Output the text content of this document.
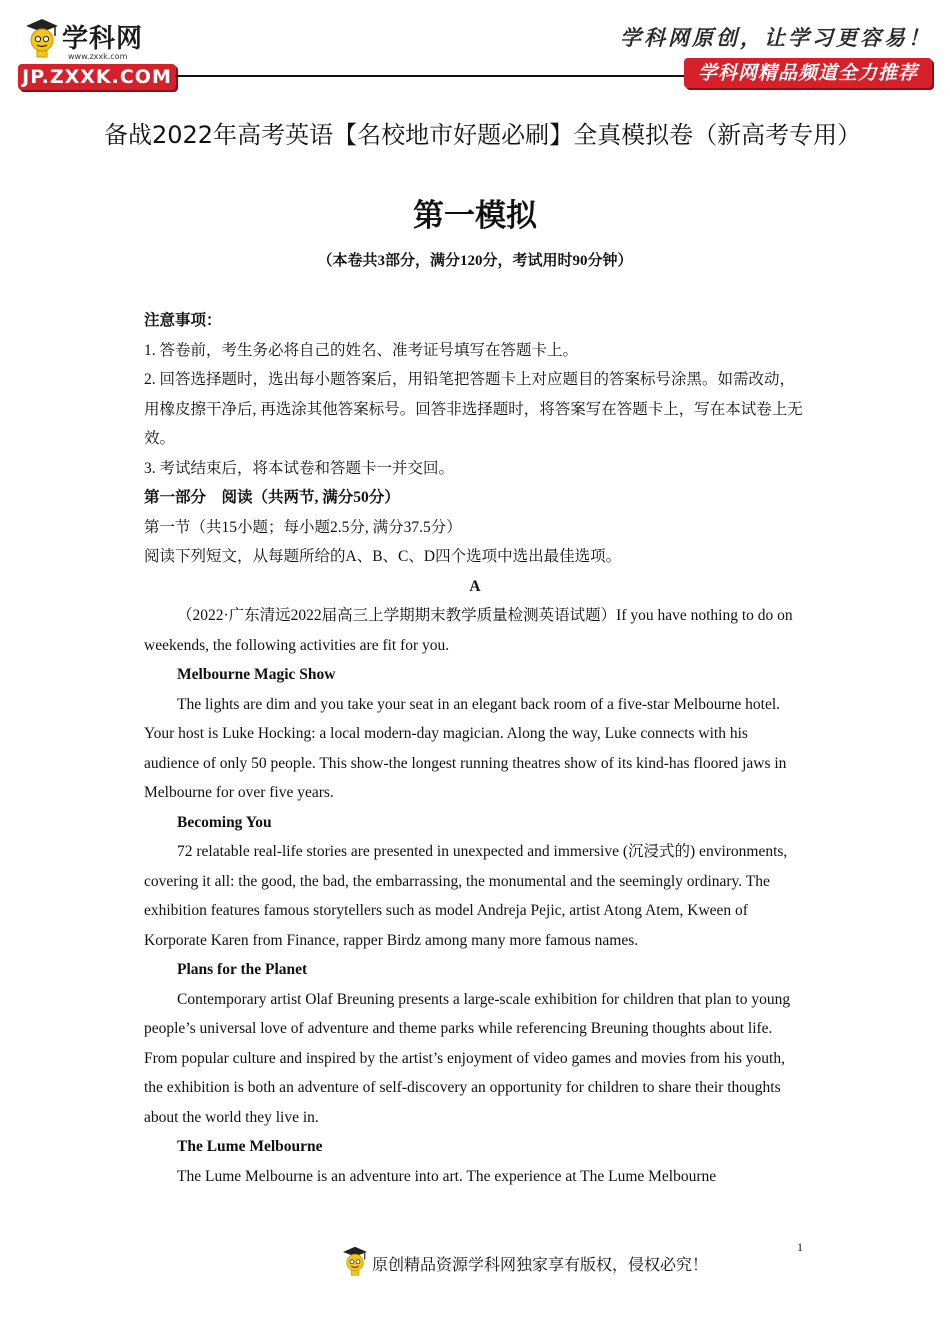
学科网
www.zxxk.com
JP.ZXXK.COM
学科网原创，让学习更容易！
学科网精品频道全力推荐
备战2022年高考英语【名校地市好题必刷】全真模拟卷（新高考专用）
第一模拟
（本卷共3部分，满分120分，考试用时90分钟）

注意事项：

1. 答卷前，考生务必将自己的姓名、准考证号填写在答题卡上。

2. 回答选择题时，选出每小题答案后，用铅笔把答题卡上对应题目的答案标号涂黑。如需改动，用橡皮擦干净后, 再选涂其他答案标号。回答非选择题时，将答案写在答题卡上，写在本试卷上无效。

3. 考试结束后，将本试卷和答题卡一并交回。

第一部分　阅读（共两节, 满分50分）

第一节（共15小题；每小题2.5分, 满分37.5分）

阅读下列短文，从每题所给的A、B、C、D四个选项中选出最佳选项。

A

（2022·广东清远2022届高三上学期期末教学质量检测英语试题）If you have nothing to do on weekends, the following activities are fit for you.

Melbourne Magic Show

The lights are dim and you take your seat in an elegant back room of a five-star Melbourne hotel. Your host is Luke Hocking: a local modern-day magician. Along the way, Luke connects with his audience of only 50 people. This show-the longest running theatres show of its kind-has floored jaws in Melbourne for over five years.

Becoming You

72 relatable real-life stories are presented in unexpected and immersive (沉浸式的) environments, covering it all: the good, the bad, the embarrassing, the monumental and the seemingly ordinary. The exhibition features famous storytellers such as model Andreja Pejic, artist Atong Atem, Kween of Korporate Karen from Finance, rapper Birdz among many more famous names.

Plans for the Planet

Contemporary artist Olaf Breuning presents a large-scale exhibition for children that plan to young people’s universal love of adventure and theme parks while referencing Breuning thoughts about life. From popular culture and inspired by the artist’s enjoyment of video games and movies from his youth, the exhibition is both an adventure of self-discovery an opportunity for children to share their thoughts about the world they live in.

The Lume Melbourne

The Lume Melbourne is an adventure into art. The experience at The Lume Melbourne

1
原创精品资源学科网独家享有版权，侵权必究！
